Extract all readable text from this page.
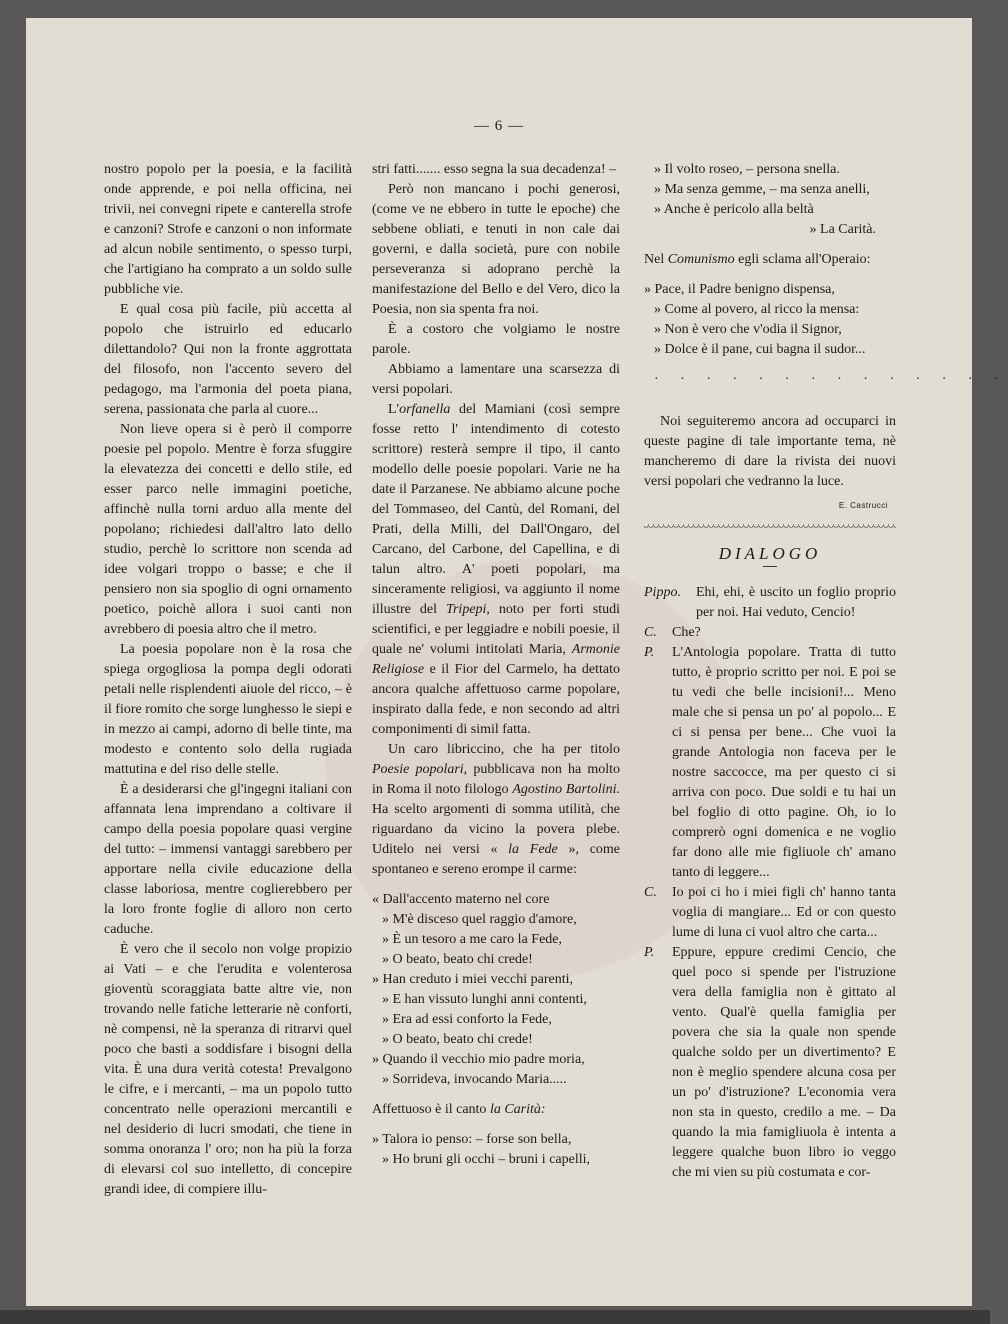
— 6 —

nostro popolo per la poesia, e la facilità onde apprende, e poi nella officina, nei trivii, nei convegni ripete e canterella strofe e canzoni? Strofe e canzoni o non informate ad alcun nobile sentimento, o spesso turpi, che l'artigiano ha comprato a un soldo sulle pubbliche vie.

E qual cosa più facile, più accetta al popolo che istruirlo ed educarlo dilettandolo? Qui non la fronte aggrottata del filosofo, non l'accento severo del pedagogo, ma l'armonia del poeta piana, serena, passionata che parla al cuore...

Non lieve opera si è però il comporre poesie pel popolo. Mentre è forza sfuggire la elevatezza dei concetti e dello stile, ed esser parco nelle immagini poetiche, affinchè nulla torni arduo alla mente del popolano; richiedesi dall'altro lato dello studio, perchè lo scrittore non scenda ad idee volgari troppo o basse; e che il pensiero non sia spoglio di ogni ornamento poetico, poichè allora i suoi canti non avrebbero di poesia altro che il metro.

La poesia popolare non è la rosa che spiega orgogliosa la pompa degli odorati petali nelle risplendenti aiuole del ricco, – è il fiore romito che sorge lunghesso le siepi e in mezzo ai campi, adorno di belle tinte, ma modesto e contento solo della rugiada mattutina e del riso delle stelle.

È a desiderarsi che gl'ingegni italiani con affannata lena imprendano a coltivare il campo della poesia popolare quasi vergine del tutto: – immensi vantaggi sarebbero per apportare nella civile educazione della classe laboriosa, mentre coglierebbero per la loro fronte foglie di alloro non certo caduche.

È vero che il secolo non volge propizio ai Vati – e che l'erudita e volenterosa gioventù scoraggiata batte altre vie, non trovando nelle fatiche letterarie nè conforti, nè compensi, nè la speranza di ritrarvi quel poco che basti a soddisfare i bisogni della vita. È una dura verità cotesta! Prevalgono le cifre, e i mercanti, – ma un popolo tutto concentrato nelle operazioni mercantili e nel desiderio di lucri smodati, che tiene in somma onoranza l' oro; non ha più la forza di elevarsi col suo intelletto, di concepire grandi idee, di compiere illu-

stri fatti....... esso segna la sua decadenza! –

Però non mancano i pochi generosi, (come ve ne ebbero in tutte le epoche) che sebbene obliati, e tenuti in non cale dai governi, e dalla società, pure con nobile perseveranza si adoprano perchè la manifestazione del Bello e del Vero, dico la Poesia, non sia spenta fra noi.

È a costoro che volgiamo le nostre parole.

Abbiamo a lamentare una scarsezza di versi popolari.

L'orfanella del Mamiani (così sempre fosse retto l' intendimento di cotesto scrittore) resterà sempre il tipo, il canto modello delle poesie popolari. Varie ne ha date il Parzanese. Ne abbiamo alcune poche del Tommaseo, del Cantù, del Romani, del Prati, della Milli, del Dall'Ongaro, del Carcano, del Carbone, del Capellina, e di talun altro. A' poeti popolari, ma sinceramente religiosi, va aggiunto il nome illustre del Tripepi, noto per forti studi scientifici, e per leggiadre e nobili poesie, il quale ne' volumi intitolati Maria, Armonie Religiose e il Fior del Carmelo, ha dettato ancora qualche affettuoso carme popolare, inspirato dalla fede, e non secondo ad altri componimenti di simil fatta.

Un caro libriccino, che ha per titolo Poesie popolari, pubblicava non ha molto in Roma il noto filologo Agostino Bartolini. Ha scelto argomenti di somma utilità, che riguardano da vicino la povera plebe. Uditelo nei versi « la Fede », come spontaneo e sereno erompe il carme:

« Dall'accento materno nel core
» M'è disceso quel raggio d'amore,
» È un tesoro a me caro la Fede,
» O beato, beato chi crede!
» Han creduto i miei vecchi parenti,
» E han vissuto lunghi anni contenti,
» Era ad essi conforto la Fede,
» O beato, beato chi crede!
» Quando il vecchio mio padre moria,
» Sorrideva, invocando Maria.....

Affettuoso è il canto la Carità:

» Talora io penso: – forse son bella,
» Ho bruni gli occhi – bruni i capelli,
» Il volto roseo, – persona snella.
» Ma senza gemme, – ma senza anelli,
» Anche è pericolo alla beltà
» La Carità.

Nel Comunismo egli sclama all'Operaio:

» Pace, il Padre benigno dispensa,
» Come al povero, al ricco la mensa:
» Non è vero che v'odia il Signor,
» Dolce è il pane, cui bagna il sudor...
· · · · · · · · · · · · · ·

Noi seguiteremo ancora ad occuparci in queste pagine di tale importante tema, nè mancheremo di dare la rivista dei nuovi versi popolari che vedranno la luce.

E. Castrucci
DIALOGO
Pippo.	Ehi, ehi, è uscito un foglio proprio per noi. Hai veduto, Cencio!
C.	Che?
P.	L'Antologia popolare. Tratta di tutto tutto, è proprio scritto per noi. E poi se tu vedi che belle incisioni!... Meno male che si pensa un po' al popolo... E ci si pensa per bene... Che vuoi la grande Antologia non faceva per le nostre saccocce, ma per questo ci si arriva con poco. Due soldi e tu hai un bel foglio di otto pagine. Oh, io lo comprerò ogni domenica e ne voglio far dono alle mie figliuole ch' amano tanto di leggere...
C.	Io poi ci ho i miei figli ch' hanno tanta voglia di mangiare... Ed or con questo lume di luna ci vuol altro che carta...
P.	Eppure, eppure credimi Cencio, che quel poco si spende per l'istruzione vera della famiglia non è gittato al vento. Qual'è quella famiglia per povera che sia la quale non spende qualche soldo per un divertimento? E non è meglio spendere alcuna cosa per un po' d'istruzione? L'economia vera non sta in questo, credilo a me. – Da quando la mia famigliuola è intenta a leggere qualche buon libro io veggo che mi vien su più costumata e cor-
